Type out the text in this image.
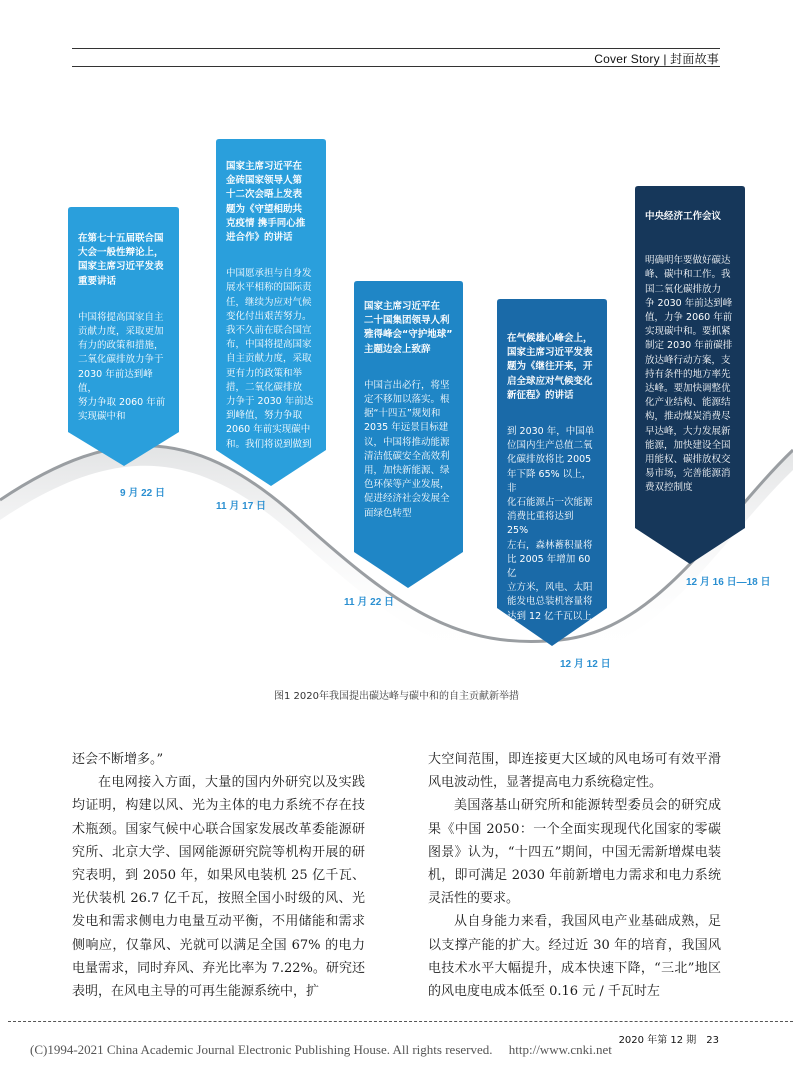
Cover Story | 封面故事

在第七十五届联合国

大会一般性辩论上，

国家主席习近平发表

重要讲话

中国将提高国家自主

贡献力度，采取更加

有力的政策和措施，

二氧化碳排放力争于

2030 年前达到峰值，

努力争取 2060 年前

实现碳中和

国家主席习近平在

金砖国家领导人第

十二次会晤上发表

题为《守望相助共

克疫情 携手同心推

进合作》的讲话

中国愿承担与自身发

展水平相称的国际责

任，继续为应对气候

变化付出艰苦努力。

我不久前在联合国宣

布，中国将提高国家

自主贡献力度，采取

更有力的政策和举

措，二氧化碳排放

力争于 2030 年前达

到峰值，努力争取

2060 年前实现碳中

和。我们将说到做到

国家主席习近平在

二十国集团领导人利

雅得峰会“守护地球”

主题边会上致辞

中国言出必行，将坚

定不移加以落实。根

据“十四五”规划和

2035 年远景目标建

议，中国将推动能源

清洁低碳安全高效利

用，加快新能源、绿

色环保等产业发展，

促进经济社会发展全

面绿色转型

在气候雄心峰会上，

国家主席习近平发表

题为《继往开来，开

启全球应对气候变化

新征程》的讲话

到 2030 年，中国单

位国内生产总值二氧

化碳排放将比 2005

年下降 65% 以上，非

化石能源占一次能源

消费比重将达到 25%

左右，森林蓄积量将

比 2005 年增加 60 亿

立方米，风电、太阳

能发电总装机容量将

达到 12 亿千瓦以上

中央经济工作会议

明确明年要做好碳达

峰、碳中和工作。我

国二氧化碳排放力

争 2030 年前达到峰

值，力争 2060 年前

实现碳中和。要抓紧

制定 2030 年前碳排

放达峰行动方案，支

持有条件的地方率先

达峰。要加快调整优

化产业结构、能源结

构，推动煤炭消费尽

早达峰，大力发展新

能源，加快建设全国

用能权、碳排放权交

易市场，完善能源消

费双控制度

9 月 22 日
11 月 17 日
11 月 22 日
12 月 12 日
12 月 16 日—18 日
图1 2020年我国提出碳达峰与碳中和的自主贡献新举措

还会不断增多。”

在电网接入方面，大量的国内外研究以及实践均证明，构建以风、光为主体的电力系统不存在技术瓶颈。国家气候中心联合国家发展改革委能源研究所、北京大学、国网能源研究院等机构开展的研究表明，到 2050 年，如果风电装机 25 亿千瓦、光伏装机 26.7 亿千瓦，按照全国小时级的风、光发电和需求侧电力电量互动平衡，不用储能和需求侧响应，仅靠风、光就可以满足全国 67% 的电力电量需求，同时弃风、弃光比率为 7.22%。研究还表明，在风电主导的可再生能源系统中，扩

大空间范围，即连接更大区域的风电场可有效平滑风电波动性，显著提高电力系统稳定性。

美国落基山研究所和能源转型委员会的研究成果《中国 2050：一个全面实现现代化国家的零碳图景》认为，“十四五”期间，中国无需新增煤电装机，即可满足 2030 年前新增电力需求和电力系统灵活性的要求。

从自身能力来看，我国风电产业基础成熟，足以支撑产能的扩大。经过近 30 年的培育，我国风电技术水平大幅提升，成本快速下降，“三北”地区的风电度电成本低至 0.16 元 / 千瓦时左

2020 年第 12 期　23
(C)1994-2021 China Academic Journal Electronic Publishing House. All rights reserved.　 http://www.cnki.net
